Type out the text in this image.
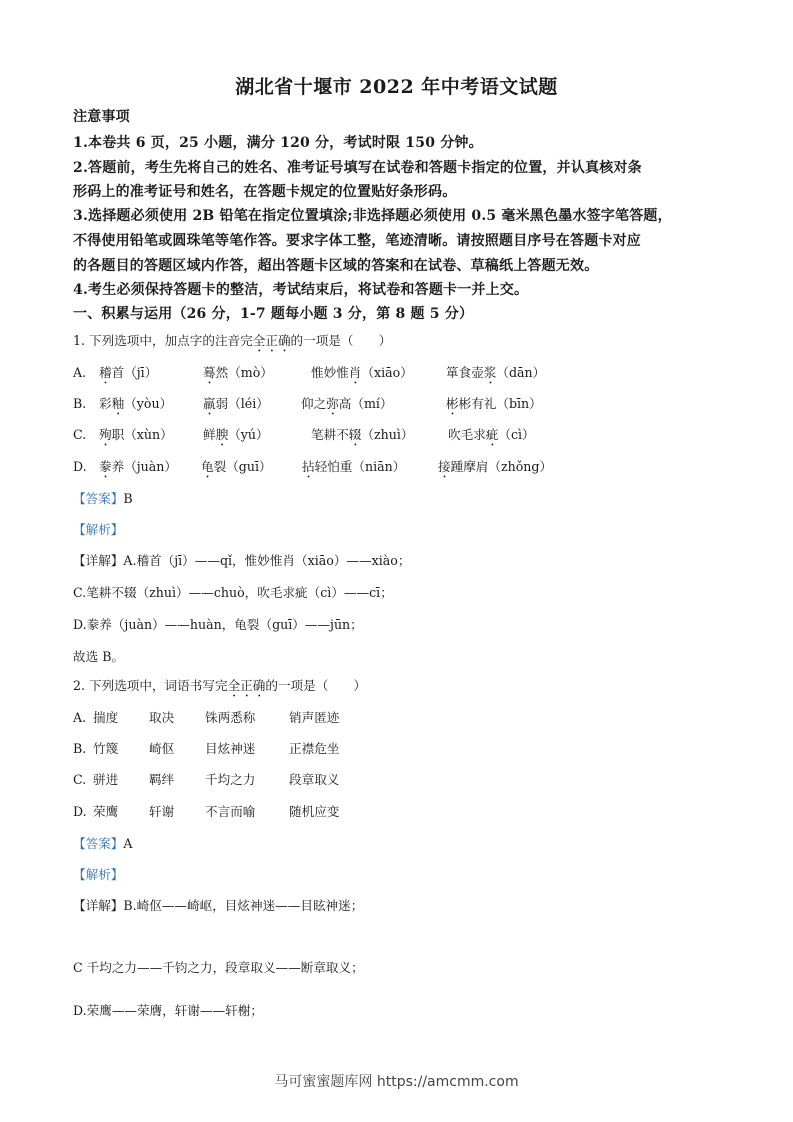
湖北省十堰市 2022 年中考语文试题
注意事项
1.本卷共 6 页，25 小题，满分 120 分，考试时限 150 分钟。
2.答题前，考生先将自己的姓名、准考证号填写在试卷和答题卡指定的位置，并认真核对条
形码上的准考证号和姓名，在答题卡规定的位置贴好条形码。
3.选择题必须使用 2B 铅笔在指定位置填涂;非选择题必须使用 0.5 毫米黑色墨水签字笔答题，
不得使用铅笔或圆珠笔等笔作答。要求字体工整，笔迹清晰。请按照题目序号在答题卡对应
的各题目的答题区域内作答，超出答题卡区域的答案和在试卷、草稿纸上答题无效。
4.考生必须保持答题卡的整洁，考试结束后，将试卷和答题卡一并上交。
一、积累与运用（26 分，1-7 题每小题 3 分，第 8 题 5 分）
1. 下列选项中，加点字的注音完全正确的一项是（　　）
A. 稽首（jī）	蓦然（mò）	惟妙惟肖（xiāo）	箪食壶浆（dān）
B. 彩釉（yòu） 羸弱（léi）	仰之弥高（mí）	彬彬有礼（bīn）
C. 殉职（xùn） 鲜腴（yú）	笔耕不辍（zhuì）	吹毛求疵（cì）
D. 豢养（juàn） 龟裂（guī） 拈轻怕重（niān）	接踵摩肩（zhǒng）
【答案】B
【解析】
【详解】A.稽首（jī）——qǐ，惟妙惟肖（xiāo）——xiào；
C.笔耕不辍（zhuì）——chuò，吹毛求疵（cì）——cī；
D.豢养（juàn）——huàn，龟裂（guī）——jūn；
故选 B。
2. 下列选项中，词语书写完全正确的一项是（　　）
A. 揣度 取决 铢两悉称	销声匿迹
B. 竹篾 崎伛 目炫神迷	正襟危坐
C. 骈进 羁绊 千均之力	段章取义
D. 荣鹰 轩谢 不言而喻	随机应变
【答案】A
【解析】
【详解】B.崎伛——崎岖，目炫神迷——目眩神迷；
C 千均之力——千钧之力，段章取义——断章取义；
D.荣鹰——荣膺，轩谢——轩榭；
马可蜜蜜题库网 https://amcmm.com
